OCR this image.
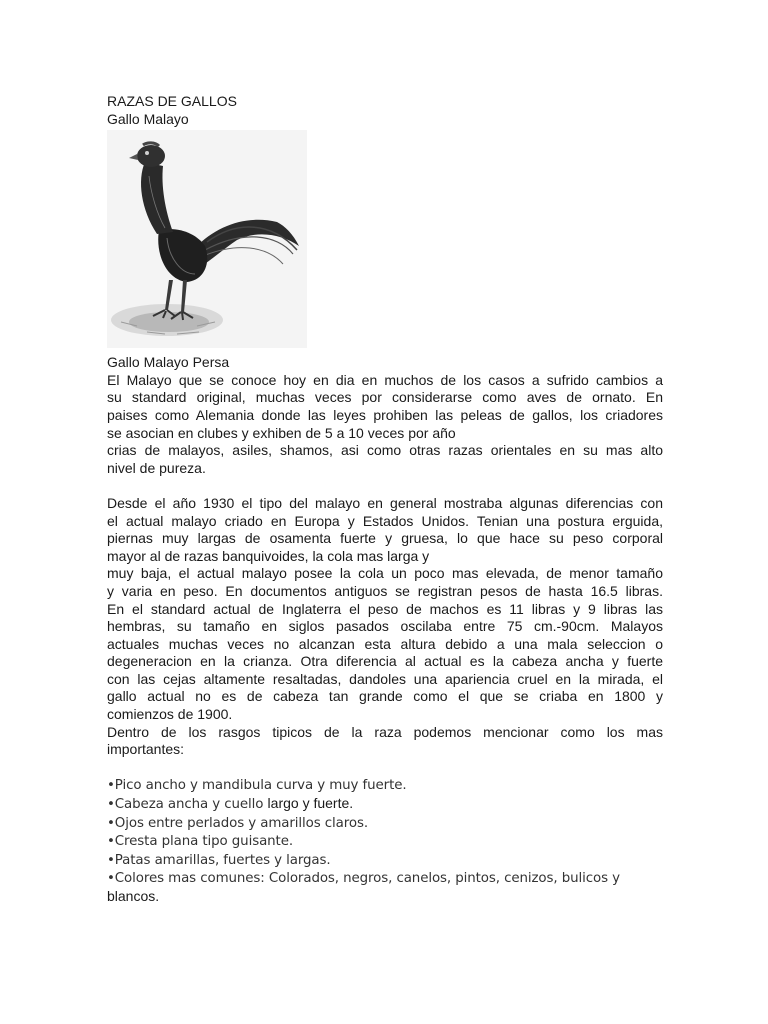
RAZAS DE GALLOS
Gallo Malayo
Gallo Malayo Persa
El Malayo que se conoce hoy en dia en muchos de los casos a sufrido cambios a
su standard original, muchas veces por considerarse como aves de ornato. En
paises como Alemania donde las leyes prohiben las peleas de gallos, los criadores
se asocian en clubes y exhiben de 5 a 10 veces por año
crias de malayos, asiles, shamos, asi como otras razas orientales en su mas alto
nivel de pureza.
Desde el año 1930 el tipo del malayo en general mostraba algunas diferencias con
el actual malayo criado en Europa y Estados Unidos. Tenian una postura erguida,
piernas muy largas de osamenta fuerte y gruesa, lo que hace su peso corporal
mayor al de razas banquivoides, la cola mas larga y
muy baja, el actual malayo posee la cola un poco mas elevada, de menor tamaño
y varia en peso. En documentos antiguos se registran pesos de hasta 16.5 libras.
En el standard actual de Inglaterra el peso de machos es 11 libras y 9 libras las
hembras, su tamaño en siglos pasados oscilaba entre 75 cm.-90cm. Malayos
actuales muchas veces no alcanzan esta altura debido a una mala seleccion o
degeneracion en la crianza. Otra diferencia al actual es la cabeza ancha y fuerte
con las cejas altamente resaltadas, dandoles una apariencia cruel en la mirada, el
gallo actual no es de cabeza tan grande como el que se criaba en 1800 y
comienzos de 1900.
Dentro de los rasgos tipicos de la raza podemos mencionar como los mas
importantes:
•Pico ancho y mandibula curva y muy fuerte.
•Cabeza ancha y cuello largo y fuerte.
•Ojos entre perlados y amarillos claros.
•Cresta plana tipo guisante.
•Patas amarillas, fuertes y largas.
•Colores mas comunes: Colorados, negros, canelos, pintos, cenizos, bulicos y
blancos.
